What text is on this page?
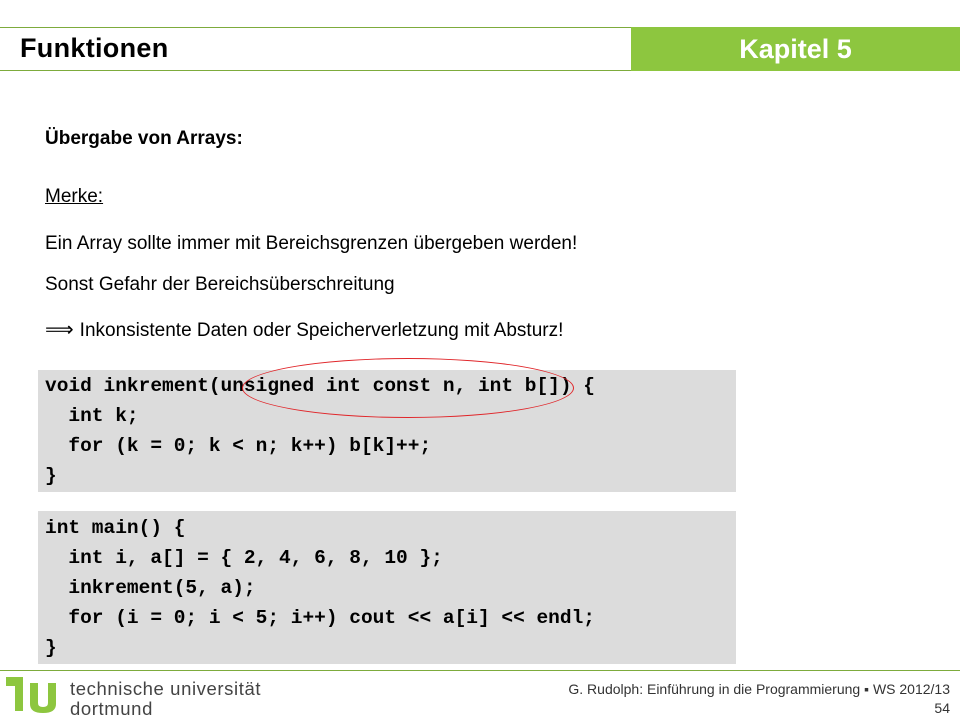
Funktionen	Kapitel 5
Übergabe von Arrays:
Merke:
Ein Array sollte immer mit Bereichsgrenzen übergeben werden!
Sonst Gefahr der Bereichsüberschreitung
⟹ Inkonsistente Daten oder Speicherverletzung mit Absturz!
void inkrement(unsigned int const n, int b[]) {
int k;
for (k = 0; k < n; k++) b[k]++;
}
int main() {
int i, a[] = { 2, 4, 6, 8, 10 };
inkrement(5, a);
for (i = 0; i < 5; i++) cout << a[i] << endl;
}
technische universität
dortmund
G. Rudolph: Einführung in die Programmierung ▪ WS 2012/13
54
